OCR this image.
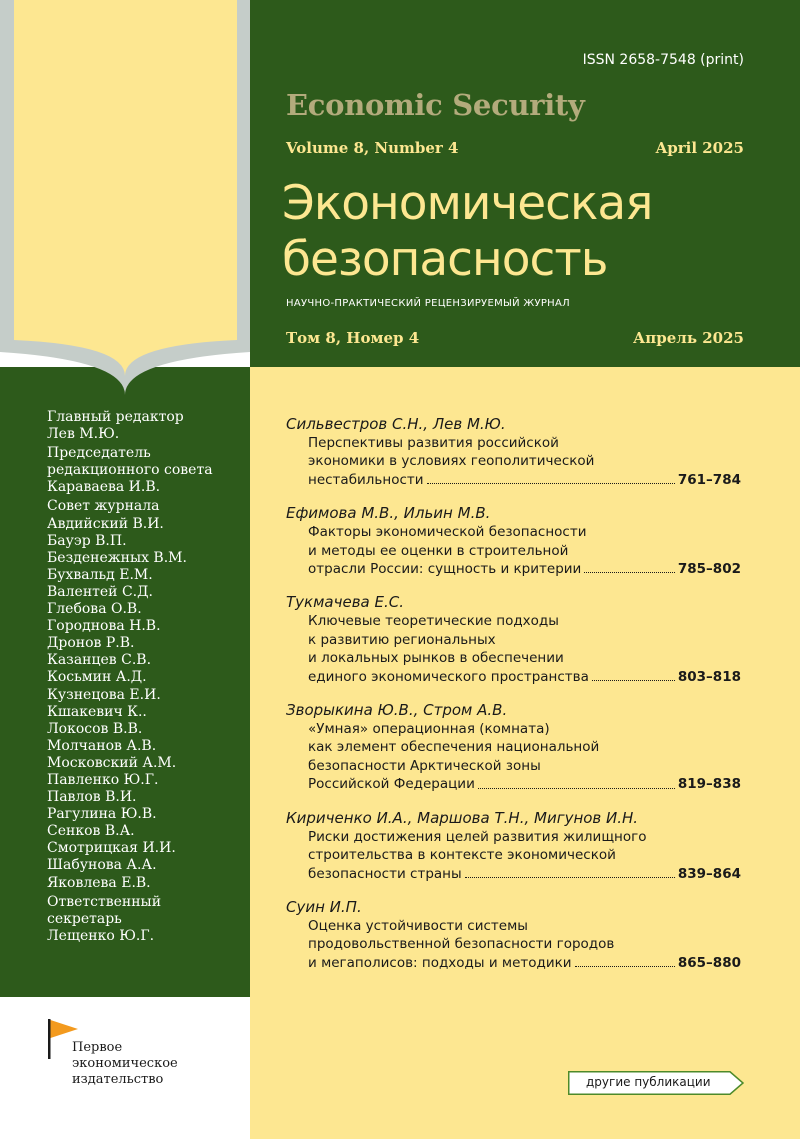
ISSN 2658-7548 (print)
Economic Security
Volume 8, Number 4	April 2025
Экономическая
безопасность
НАУЧНО-ПРАКТИЧЕСКИЙ РЕЦЕНЗИРУЕМЫЙ ЖУРНАЛ
Том 8, Номер 4	Апрель 2025
Главный редактор
Лев М.Ю.
Председатель
редакционного совета
Караваева И.В.
Совет журнала
Авдийский В.И.
Бауэр В.П.
Безденежных В.М.
Бухвальд Е.М.
Валентей С.Д.
Глебова О.В.
Городнова Н.В.
Дронов Р.В.
Казанцев С.В.
Косьмин А.Д.
Кузнецова Е.И.
Кшакевич К..
Локосов В.В.
Молчанов А.В.
Московский А.М.
Павленко Ю.Г.
Павлов В.И.
Рагулина Ю.В.
Сенков В.А.
Смотрицкая И.И.
Шабунова А.А.
Яковлева Е.В.
Ответственный
секретарь
Лещенко Ю.Г.
Сильвестров С.Н., Лев М.Ю.
Перспективы развития российской
экономики в условиях геополитической
нестабильности	761–784
Ефимова М.В., Ильин М.В.
Факторы экономической безопасности
и методы ее оценки в строительной
отрасли России: сущность и критерии	785–802
Тукмачева Е.С.
Ключевые теоретические подходы
к развитию региональных
и локальных рынков в обеспечении
единого экономического пространства	803–818
Зворыкина Ю.В., Стром А.В.
«Умная» операционная (комната)
как элемент обеспечения национальной
безопасности Арктической зоны
Российской Федерации	819–838
Кириченко И.А., Маршова Т.Н., Мигунов И.Н.
Риски достижения целей развития жилищного
строительства в контексте экономической
безопасности страны	839–864
Суин И.П.
Оценка устойчивости системы
продовольственной безопасности городов
и мегаполисов: подходы и методики	865–880
Первое
экономическое
издательство	другие публикации
